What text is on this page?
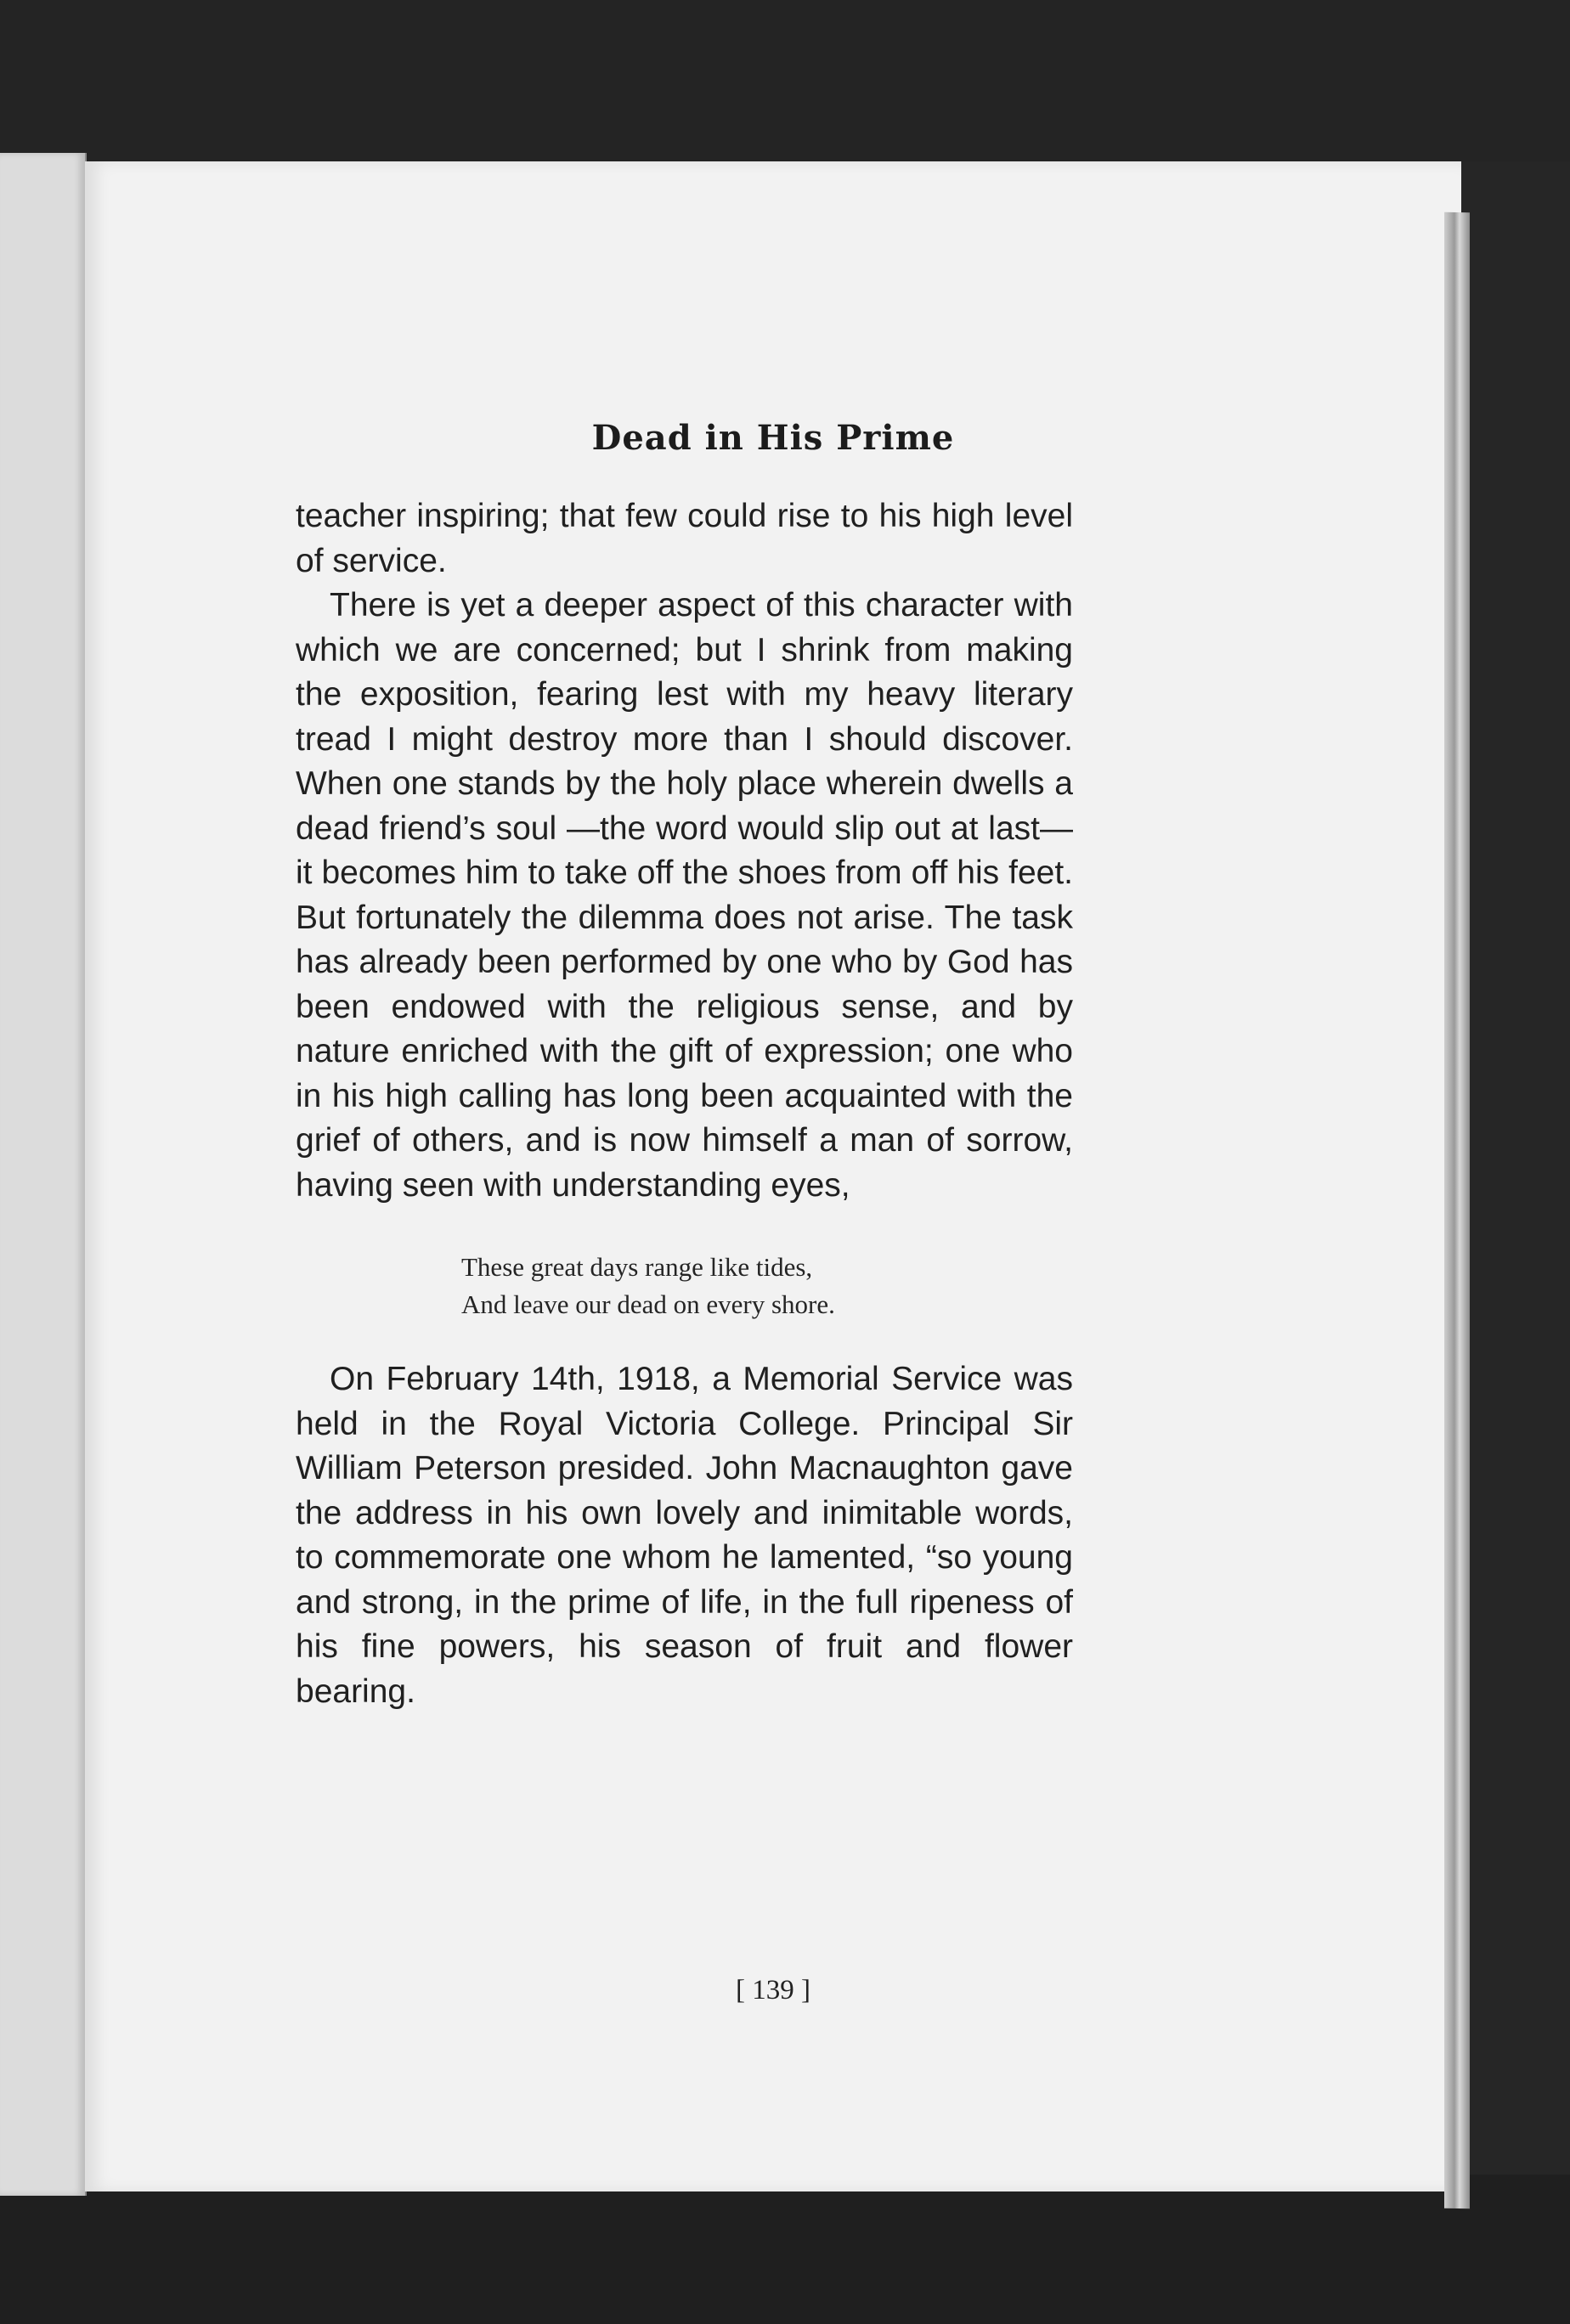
Dead in His Prime

teacher inspiring; that few could rise to his high level of service.

There is yet a deeper aspect of this character with which we are concerned; but I shrink from making the exposition, fearing lest with my heavy literary tread I might destroy more than I should discover. When one stands by the holy place wherein dwells a dead friend’s soul —the word would slip out at last—it becomes him to take off the shoes from off his feet. But fortunately the dilemma does not arise. The task has already been performed by one who by God has been endowed with the religious sense, and by nature enriched with the gift of expression; one who in his high calling has long been acquainted with the grief of others, and is now himself a man of sorrow, having seen with understanding eyes,

These great days range like tides,
And leave our dead on every shore.

On February 14th, 1918, a Memorial Service was held in the Royal Victoria College. Principal Sir William Peterson presided. John Macnaughton gave the address in his own lovely and inimitable words, to commemorate one whom he lamented, “so young and strong, in the prime of life, in the full ripeness of his fine powers, his season of fruit and flower bearing.

[ 139 ]
